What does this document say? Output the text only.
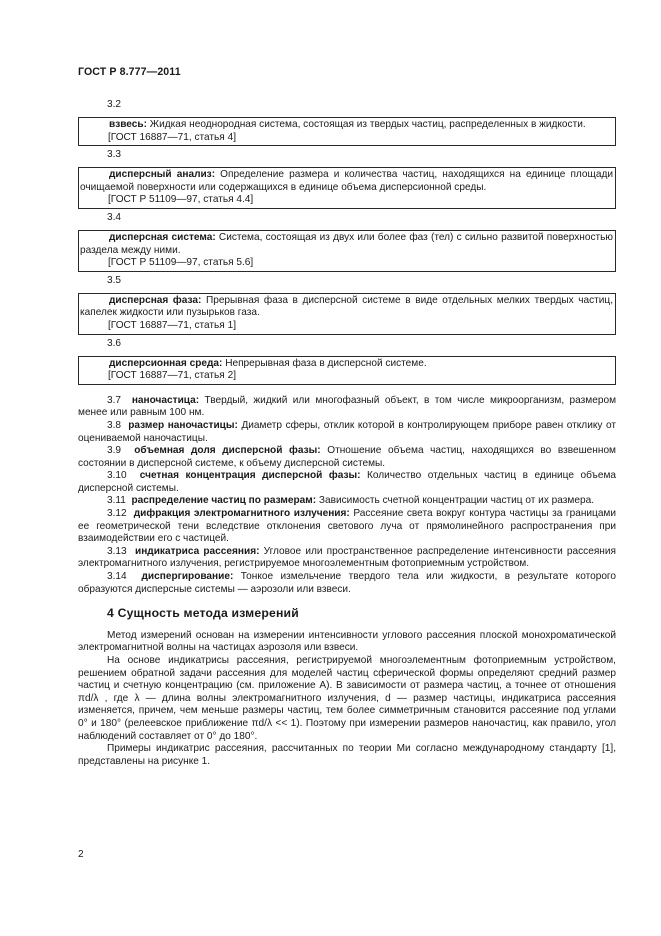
ГОСТ Р 8.777—2011
3.2
взвесь: Жидкая неоднородная система, состоящая из твердых частиц, распределенных в жидкости.
[ГОСТ 16887—71, статья 4]
3.3
дисперсный анализ: Определение размера и количества частиц, находящихся на единице площади очищаемой поверхности или содержащихся в единице объема дисперсионной среды.
[ГОСТ Р 51109—97, статья 4.4]
3.4
дисперсная система: Система, состоящая из двух или более фаз (тел) с сильно развитой поверхностью раздела между ними.
[ГОСТ Р 51109—97, статья 5.6]
3.5
дисперсная фаза: Прерывная фаза в дисперсной системе в виде отдельных мелких твердых частиц, капелек жидкости или пузырьков газа.
[ГОСТ 16887—71, статья 1]
3.6
дисперсионная среда: Непрерывная фаза в дисперсной системе.
[ГОСТ 16887—71, статья 2]

3.7 наночастица: Твердый, жидкий или многофазный объект, в том числе микроорганизм, размером менее или равным 100 нм.

3.8 размер наночастицы: Диаметр сферы, отклик которой в контролирующем приборе равен отклику от оцениваемой наночастицы.

3.9 объемная доля дисперсной фазы: Отношение объема частиц, находящихся во взвешенном состоянии в дисперсной системе, к объему дисперсной системы.

3.10 счетная концентрация дисперсной фазы: Количество отдельных частиц в единице объема дисперсной системы.

3.11 распределение частиц по размерам: Зависимость счетной концентрации частиц от их размера.

3.12 дифракция электромагнитного излучения: Рассеяние света вокруг контура частицы за границами ее геометрической тени вследствие отклонения светового луча от прямолинейного распространения при взаимодействии его с частицей.

3.13 индикатриса рассеяния: Угловое или пространственное распределение интенсивности рассеяния электромагнитного излучения, регистрируемое многоэлементным фотоприемным устройством.

3.14 диспергирование: Тонкое измельчение твердого тела или жидкости, в результате которого образуются дисперсные системы — аэрозоли или взвеси.

4 Сущность метода измерений

Метод измерений основан на измерении интенсивности углового рассеяния плоской монохроматической электромагнитной волны на частицах аэрозоля или взвеси.

На основе индикатрисы рассеяния, регистрируемой многоэлементным фотоприемным устройством, решением обратной задачи рассеяния для моделей частиц сферической формы определяют средний размер частиц и счетную концентрацию (см. приложение А). В зависимости от размера частиц, а точнее от отношения πd/λ , где λ — длина волны электромагнитного излучения, d — размер частицы, индикатриса рассеяния изменяется, причем, чем меньше размеры частиц, тем более симметричным становится рассеяние под углами 0° и 180° (релеевское приближение πd/λ << 1). Поэтому при измерении размеров наночастиц, как правило, угол наблюдений составляет от 0° до 180°.

Примеры индикатрис рассеяния, рассчитанных по теории Ми согласно международному стандарту [1], представлены на рисунке 1.

2
